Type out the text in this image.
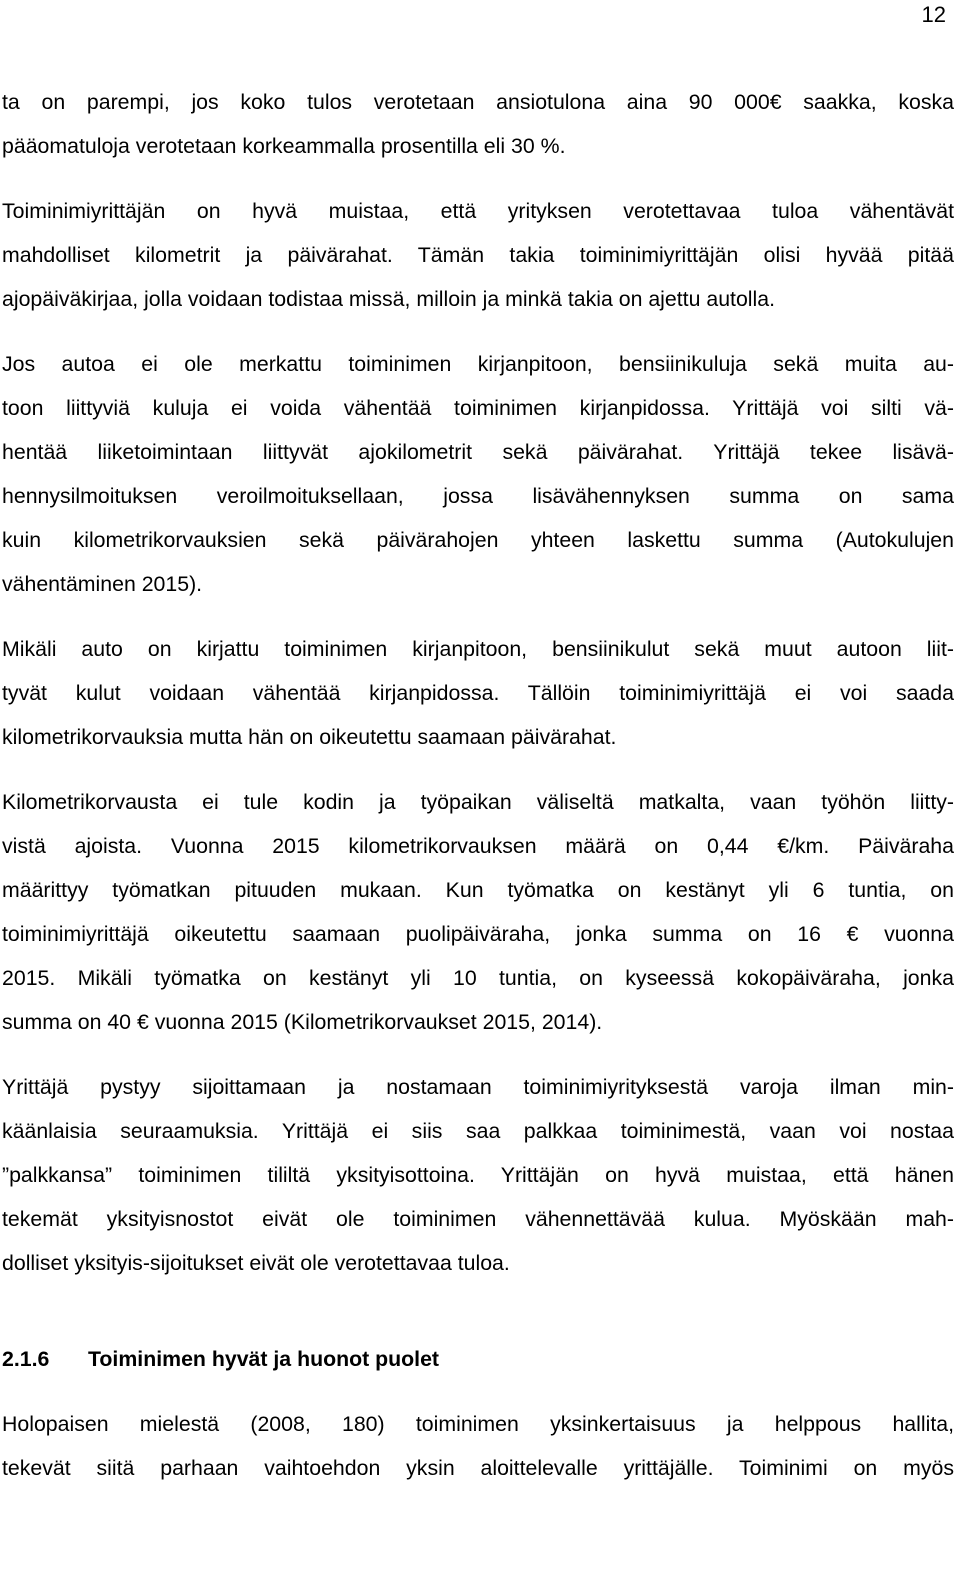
12
ta on parempi, jos koko tulos verotetaan ansiotulona aina 90 000€ saakka, koska
pääomatuloja verotetaan korkeammalla prosentilla eli 30 %.
Toiminimiyrittäjän on hyvä muistaa, että yrityksen verotettavaa tuloa vähentävät
mahdolliset kilometrit ja päivärahat. Tämän takia toiminimiyrittäjän olisi hyvää pitää
ajopäiväkirjaa, jolla voidaan todistaa missä, milloin ja minkä takia on ajettu autolla.
Jos autoa ei ole merkattu toiminimen kirjanpitoon, bensiinikuluja sekä muita au-
toon liittyviä kuluja ei voida vähentää toiminimen kirjanpidossa. Yrittäjä voi silti vä-
hentää liiketoimintaan liittyvät ajokilometrit sekä päivärahat. Yrittäjä tekee lisävä-
hennysilmoituksen veroilmoituksellaan, jossa lisävähennyksen summa on sama
kuin kilometrikorvauksien sekä päivärahojen yhteen laskettu summa (Autokulujen
vähentäminen 2015).
Mikäli auto on kirjattu toiminimen kirjanpitoon, bensiinikulut sekä muut autoon liit-
tyvät kulut voidaan vähentää kirjanpidossa. Tällöin toiminimiyrittäjä ei voi saada
kilometrikorvauksia mutta hän on oikeutettu saamaan päivärahat.
Kilometrikorvausta ei tule kodin ja työpaikan väliseltä matkalta, vaan työhön liitty-
vistä ajoista. Vuonna 2015 kilometrikorvauksen määrä on 0,44 €/km. Päiväraha
määrittyy työmatkan pituuden mukaan. Kun työmatka on kestänyt yli 6 tuntia, on
toiminimiyrittäjä oikeutettu saamaan puolipäiväraha, jonka summa on 16 € vuonna
2015. Mikäli työmatka on kestänyt yli 10 tuntia, on kyseessä kokopäiväraha, jonka
summa on 40 € vuonna 2015 (Kilometrikorvaukset 2015, 2014).
Yrittäjä pystyy sijoittamaan ja nostamaan toiminimiyrityksestä varoja ilman min-
käänlaisia seuraamuksia. Yrittäjä ei siis saa palkkaa toiminimestä, vaan voi nostaa
”palkkansa” toiminimen tililtä yksityisottoina. Yrittäjän on hyvä muistaa, että hänen
tekemät yksityisnostot eivät ole toiminimen vähennettävää kulua. Myöskään mah-
dolliset yksityis-sijoitukset eivät ole verotettavaa tuloa.
2.1.6	Toiminimen hyvät ja huonot puolet
Holopaisen mielestä (2008, 180) toiminimen yksinkertaisuus ja helppous hallita,
tekevät siitä parhaan vaihtoehdon yksin aloittelevalle yrittäjälle. Toiminimi on myös
